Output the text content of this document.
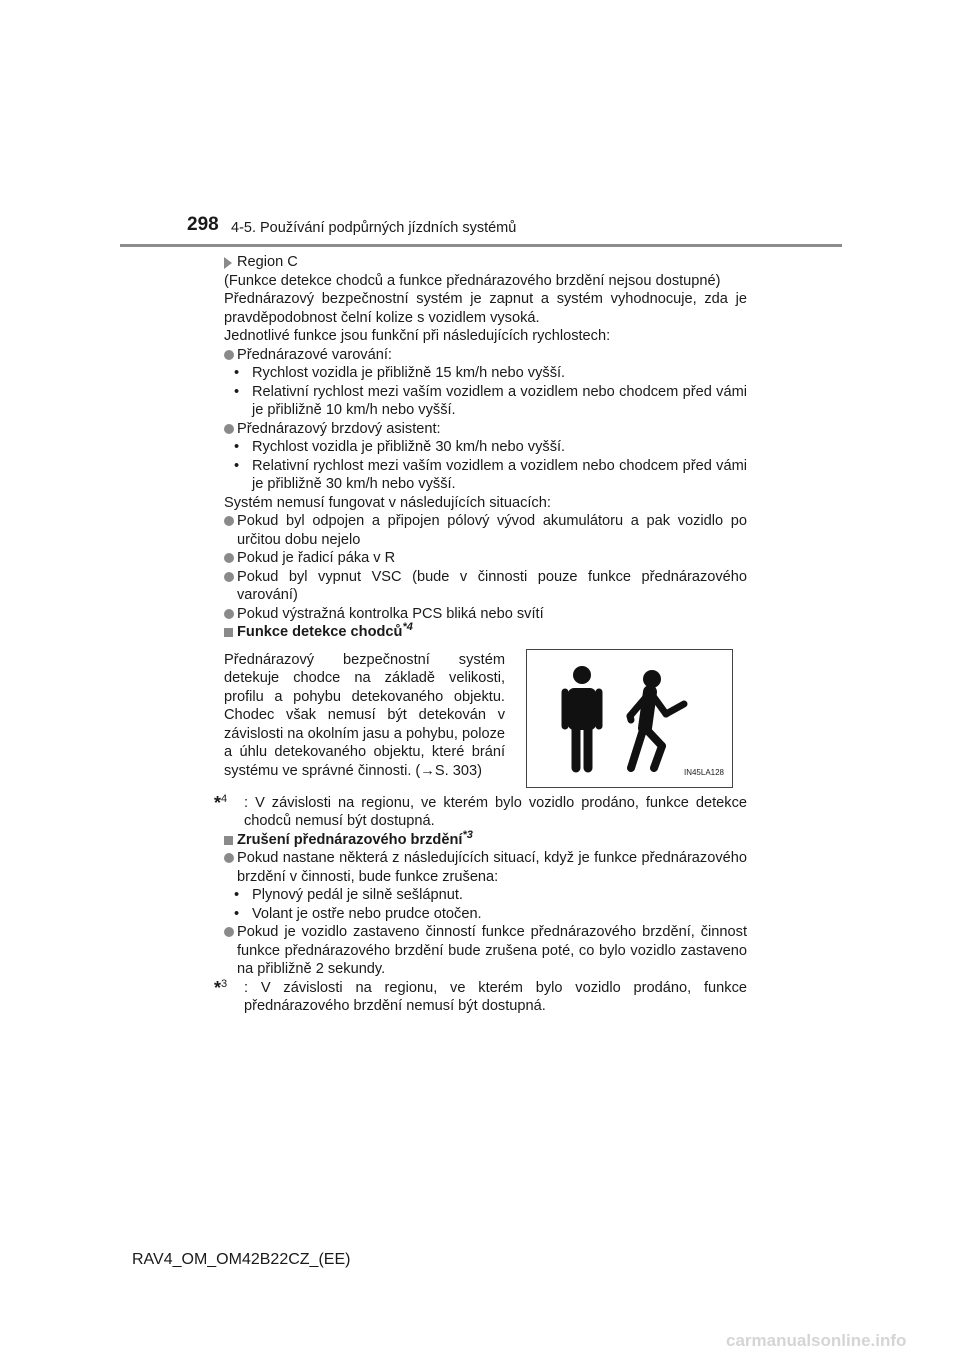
298 4-5. Používání podpůrných jízdních systémů

Region C

(Funkce detekce chodců a funkce přednárazového brzdění nejsou dostupné)

Přednárazový bezpečnostní systém je zapnut a systém vyhodnocuje, zda je pravděpodobnost čelní kolize s vozidlem vysoká.

Jednotlivé funkce jsou funkční při následujících rychlostech:

Přednárazové varování:

• Rychlost vozidla je přibližně 15 km/h nebo vyšší.

• Relativní rychlost mezi vaším vozidlem a vozidlem nebo chodcem před vámi je přibližně 10 km/h nebo vyšší.

Přednárazový brzdový asistent:

• Rychlost vozidla je přibližně 30 km/h nebo vyšší.

• Relativní rychlost mezi vaším vozidlem a vozidlem nebo chodcem před vámi je přibližně 30 km/h nebo vyšší.

Systém nemusí fungovat v následujících situacích:

Pokud byl odpojen a připojen pólový vývod akumulátoru a pak vozidlo po určitou dobu nejelo

Pokud je řadicí páka v R

Pokud byl vypnut VSC (bude v činnosti pouze funkce přednárazového varování)

Pokud výstražná kontrolka PCS bliká nebo svítí

Funkce detekce chodců$^{*4}$

Přednárazový bezpečnostní systém detekuje chodce na základě velikosti, profilu a pohybu detekovaného objektu. Chodec však nemusí být detekován v závislosti na okolním jasu a pohybu, poloze a úhlu detekovaného objektu, které brání systému ve správné činnosti. (→S. 303)	IN45LA128

*$^4$ : V závislosti na regionu, ve kterém bylo vozidlo prodáno, funkce detekce chodců nemusí být dostupná.

Zrušení přednárazového brzdění$^{*3}$

Pokud nastane některá z následujících situací, když je funkce přednárazového brzdění v činnosti, bude funkce zrušena:

• Plynový pedál je silně sešlápnut.

• Volant je ostře nebo prudce otočen.

Pokud je vozidlo zastaveno činností funkce přednárazového brzdění, činnost funkce přednárazového brzdění bude zrušena poté, co bylo vozidlo zastaveno na přibližně 2 sekundy.

*$^3$ : V závislosti na regionu, ve kterém bylo vozidlo prodáno, funkce přednárazového brzdění nemusí být dostupná.

RAV4_OM_OM42B22CZ_(EE)
carmanualsonline.info
